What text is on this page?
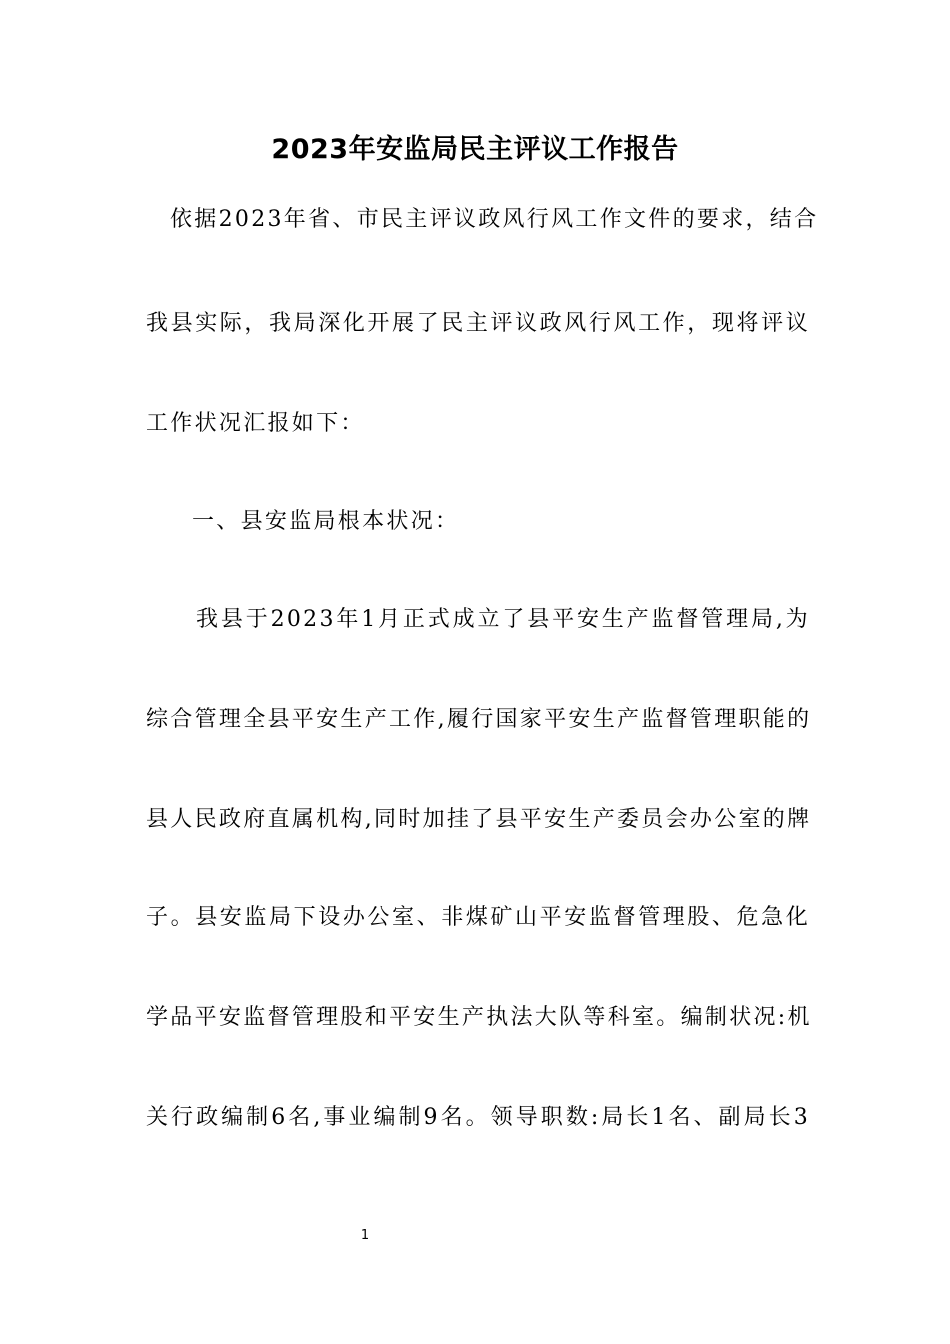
2023年安监局民主评议工作报告
依据2023年省、市民主评议政风行风工作文件的要求，结合
我县实际，我局深化开展了民主评议政风行风工作，现将评议
工作状况汇报如下：
一、县安监局根本状况：
我县于2023年1月正式成立了县平安生产监督管理局,为
综合管理全县平安生产工作,履行国家平安生产监督管理职能的
县人民政府直属机构,同时加挂了县平安生产委员会办公室的牌
子。县安监局下设办公室、非煤矿山平安监督管理股、危急化
学品平安监督管理股和平安生产执法大队等科室。编制状况:机
关行政编制6名,事业编制9名。领导职数:局长1名、副局长3
1
